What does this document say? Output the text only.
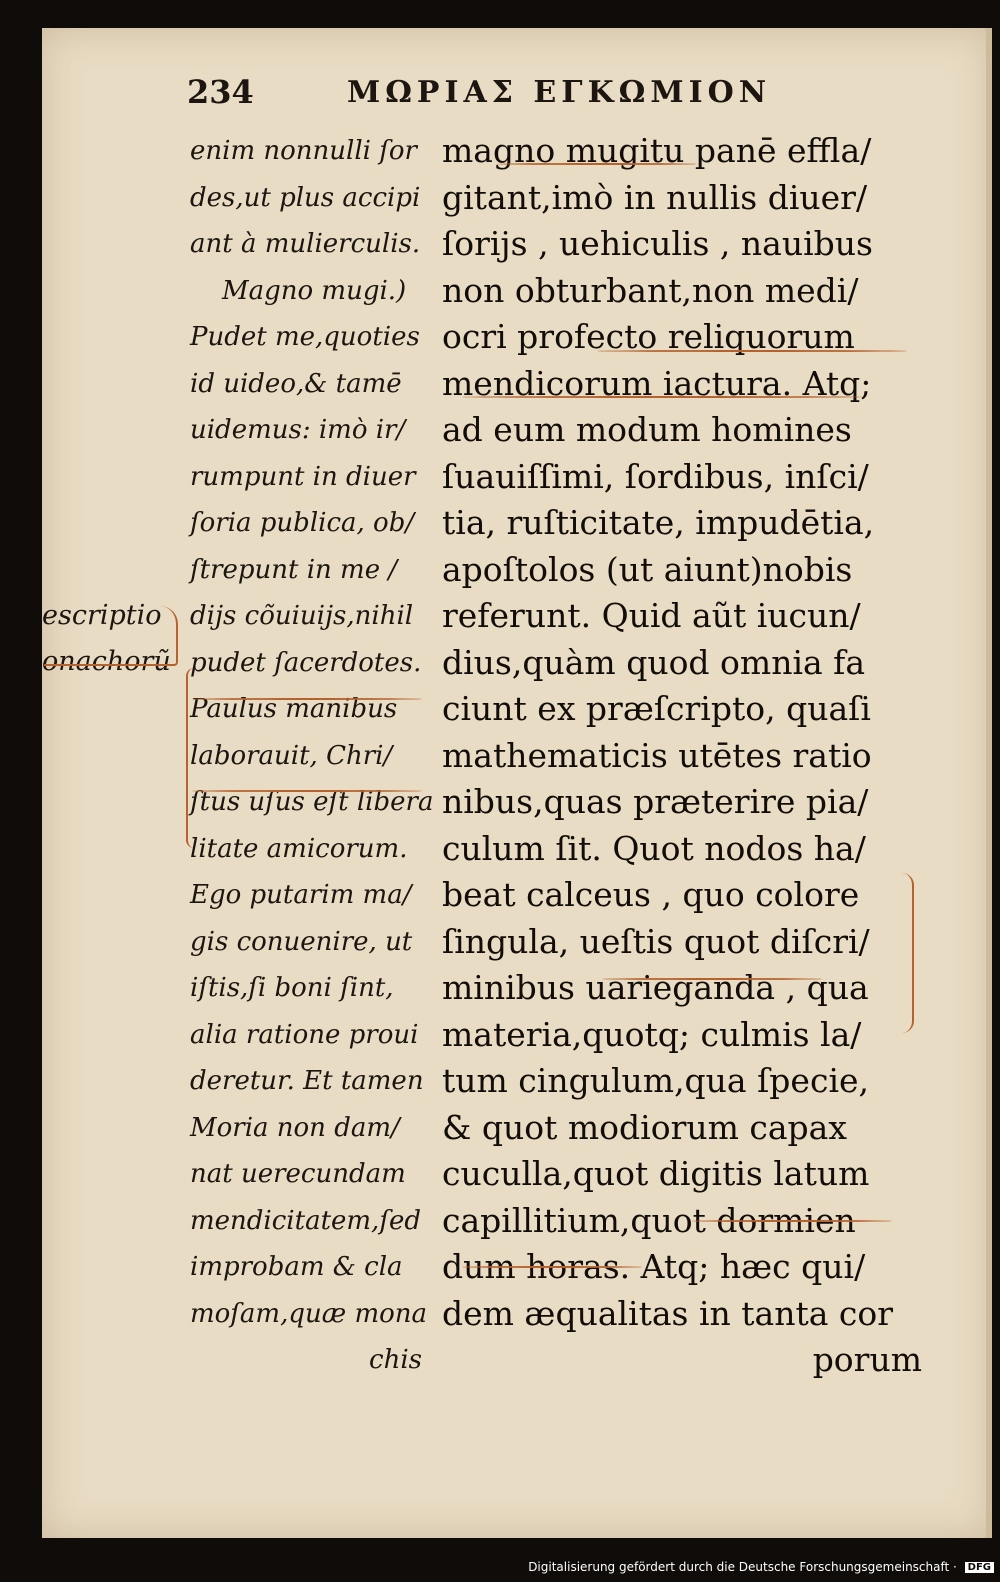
234	ΜΩΡΙΑΣ ΕΓΚΩΜΙΟΝ
escriptio
onachorũ
enim nonnulli ſor
des,ut plus accipi
ant à mulierculis.
Magno mugi.)
Pudet me,quoties
id uideo,& tamē
uidemus: imò ir/
rumpunt in diuer
ſoria publica, ob/
ſtrepunt in me /
dijs cõuiuijs,nihil
pudet ſacerdotes.
Paulus manibus
laborauit, Chri/
ſtus uſus eſt libera
litate amicorum.
Ego putarim ma/
gis conuenire, ut
iſtis,ſi boni ſint,
alia ratione proui
deretur. Et tamen
Moria non dam/
nat uerecundam
mendicitatem,ſed
improbam & cla
moſam,quæ mona
chis
magno mugitu panē effla/
gitant,imò in nullis diuer/
ſorijs , uehiculis , nauibus
non obturbant,non medi/
ocri profecto reliquorum
mendicorum iactura. Atq;
ad eum modum homines
ſuauiſſimi, ſordibus, inſci/
tia, ruſticitate, impudētia,
apoſtolos (ut aiunt)nobis
referunt. Quid aũt iucun/
dius,quàm quod omnia fa
ciunt ex præſcripto, quaſi
mathematicis utētes ratio
nibus,quas præterire pia/
culum ſit. Quot nodos ha/
beat calceus , quo colore
ſingula, ueſtis quot diſcri/
minibus uarieganda , qua
materia,quotq; culmis la/
tum cingulum,qua ſpecie,
& quot modiorum capax
cuculla,quot digitis latum
capillitium,quot dormien
dum horas. Atq; hæc qui/
dem æqualitas in tanta cor
porum
Digitalisierung gefördert durch die Deutsche Forschungsgemeinschaft · DFG
